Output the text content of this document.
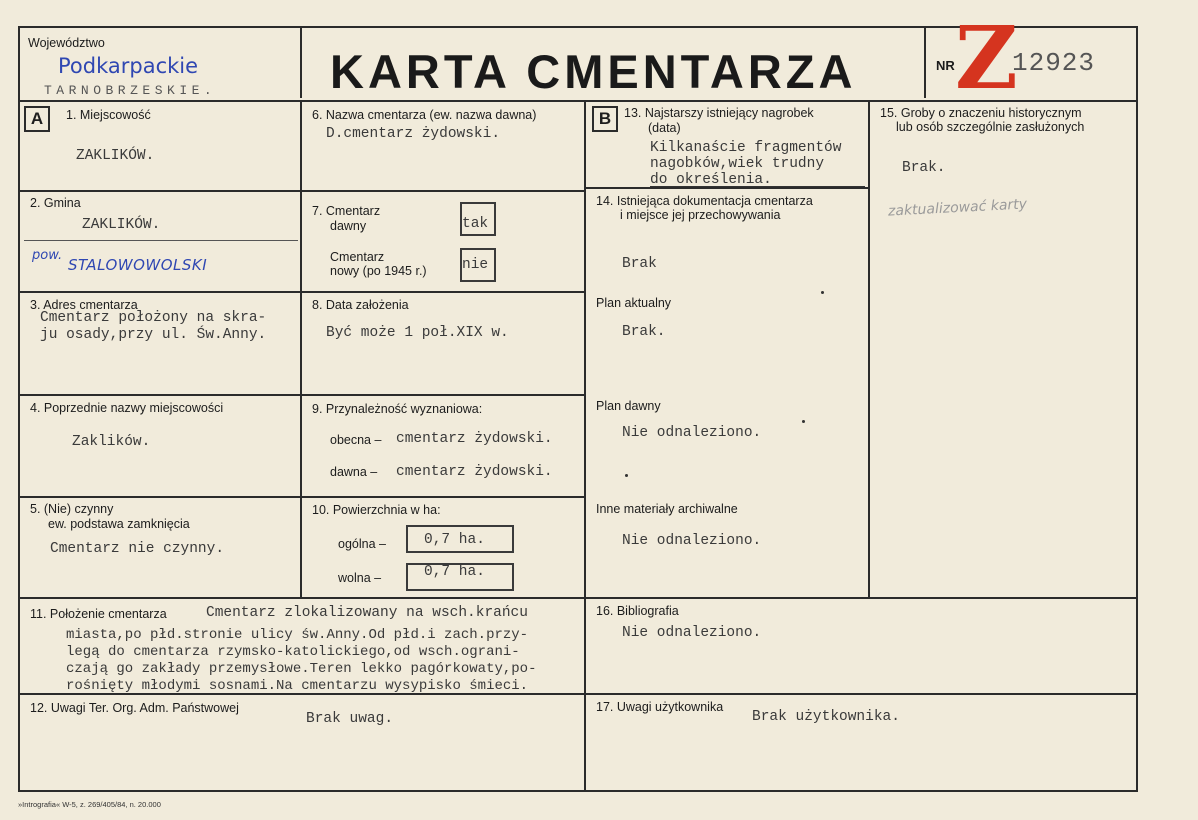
Województwo
Podkarpackie
TARNOBRZESKIE. KARTA CMENTARZA	NR Z
12923
A	B
1. Miejscowość
ZAKLIKÓW.
2. Gmina
ZAKLIKÓW.
pow.
STALOWOWOLSKI
3. Adres cmentarza
Cmentarz położony na skra-
ju osady,przy ul. Św.Anny.
4. Poprzednie nazwy miejscowości
Zaklików.
5. (Nie) czynny
ew. podstawa zamknięcia
Cmentarz nie czynny.
6. Nazwa cmentarza (ew. nazwa dawna)
D.cmentarz żydowski.
7. Cmentarz
dawny	tak
Cmentarz
nowy (po 1945 r.) nie
8. Data założenia
Być może 1 poł.XIX w.
9. Przynależność wyznaniowa:
obecna – cmentarz żydowski.
dawna – cmentarz żydowski.
10. Powierzchnia w ha:
ogólna –	0,7 ha.
wolna –	0,7 ha.
11. Położenie cmentarza	Cmentarz zlokalizowany na wsch.krańcu
miasta,po płd.stronie ulicy św.Anny.Od płd.i zach.przy-
legą do cmentarza rzymsko-katolickiego,od wsch.ograni-
czają go zakłady przemysłowe.Teren lekko pagórkowaty,po-
rośnięty młodymi sosnami.Na cmentarzu wysypisko śmieci.
12. Uwagi Ter. Org. Adm. Państwowej
Brak uwag.
13. Najstarszy istniejący nagrobek
(data)
Kilkanaście fragmentów
nagobków,wiek trudny
do określenia.
14. Istniejąca dokumentacja cmentarza
i miejsce jej przechowywania
Brak
Plan aktualny
Brak.
Plan dawny
Nie odnaleziono.
Inne materiały archiwalne
Nie odnaleziono.
15. Groby o znaczeniu historycznym
lub osób szczególnie zasłużonych
Brak.
zaktualizować karty
16. Bibliografia
Nie odnaleziono.
17. Uwagi użytkownika
Brak użytkownika.
»Intrografia« W-5, z. 269/405/84, n. 20.000
